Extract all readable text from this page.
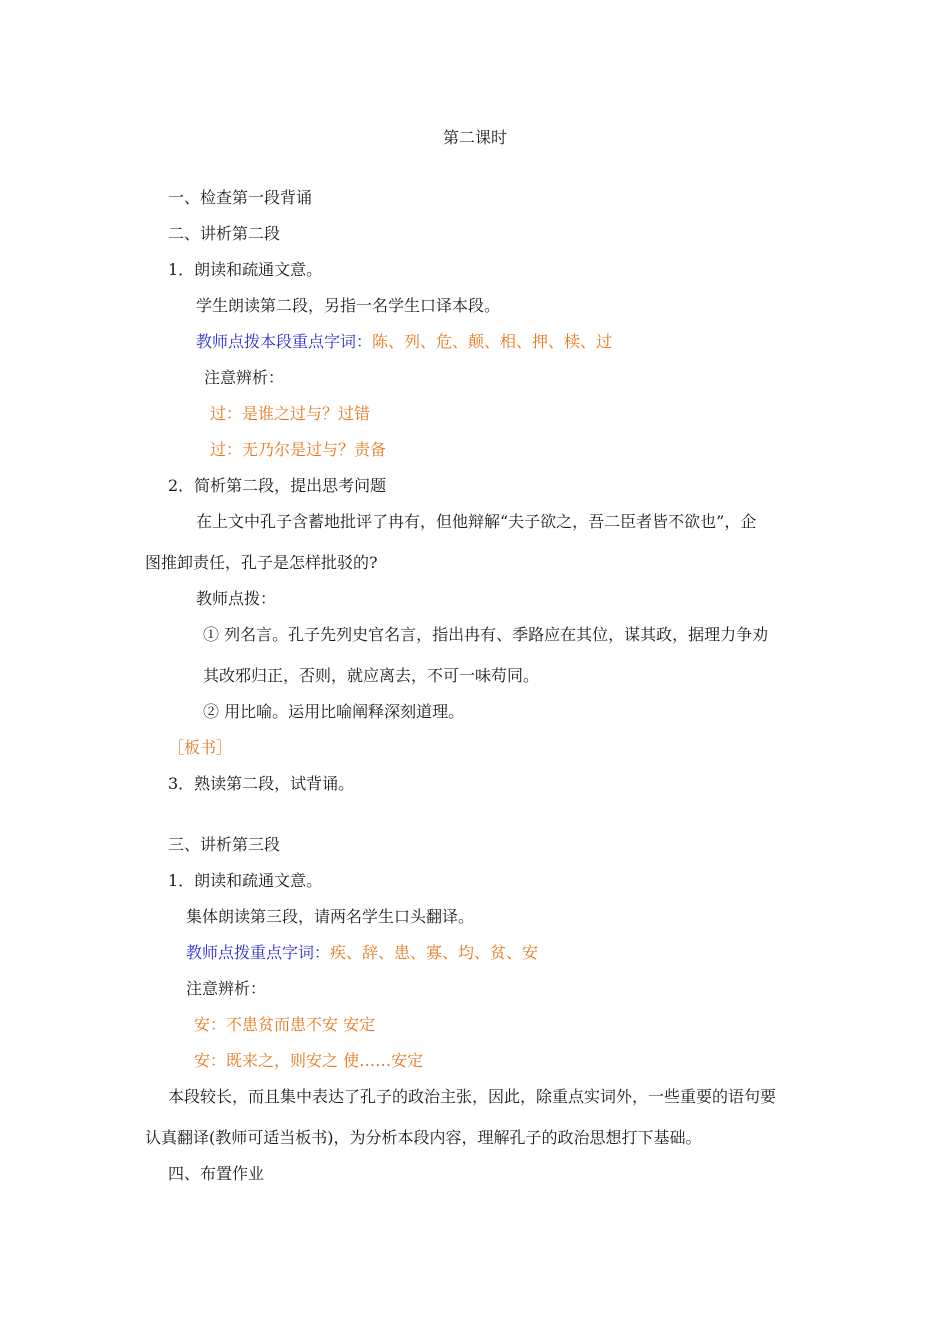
第二课时
一、检查第一段背诵
二、讲析第二段
1．朗读和疏通文意。
学生朗读第二段，另指一名学生口译本段。
教师点拨本段重点字词：陈、列、危、颠、相、押、椟、过
注意辨析：
过：是谁之过与？过错
过：无乃尔是过与？责备
2．简析第二段，提出思考问题
在上文中孔子含蓄地批评了冉有，但他辩解“夫子欲之，吾二臣者皆不欲也”，企
图推卸责任，孔子是怎样批驳的?
教师点拨：
① 列名言。孔子先列史官名言，指出冉有、季路应在其位，谋其政，据理力争劝
其改邪归正，否则，就应离去，不可一味苟同。
② 用比喻。运用比喻阐释深刻道理。
［板书］
3．熟读第二段，试背诵。
三、讲析第三段
1．朗读和疏通文意。
集体朗读第三段，请两名学生口头翻译。
教师点拨重点字词：疾、辞、患、寡、均、贫、安
注意辨析：
安：不患贫而患不安 安定
安：既来之，则安之 使……安定
本段较长，而且集中表达了孔子的政治主张，因此，除重点实词外，一些重要的语句要
认真翻译(教师可适当板书)，为分析本段内容，理解孔子的政治思想打下基础。
四、布置作业
